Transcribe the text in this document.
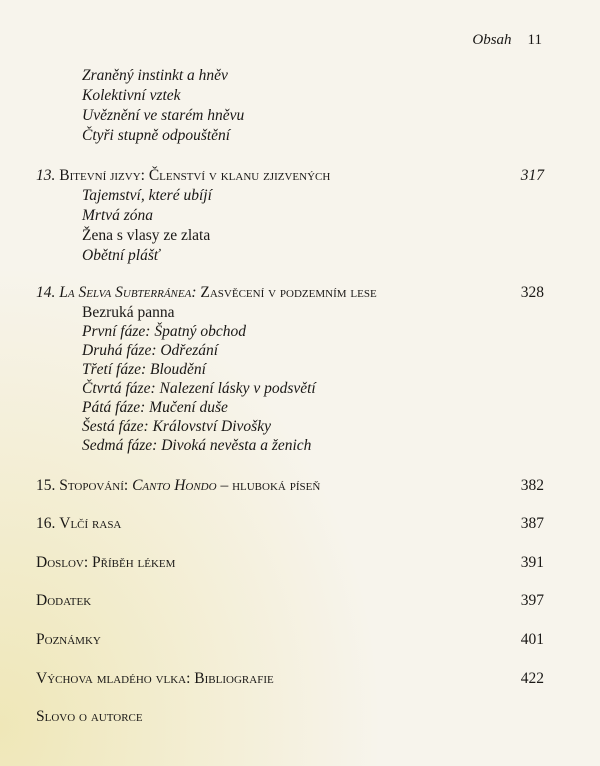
Obsah 11
Zraněný instinkt a hněv
Kolektivní vztek
Uvěznění ve starém hněvu
Čtyři stupně odpouštění
13. Bitevní jizvy: Členství v klanu zjizvených	317
Tajemství, které ubíjí
Mrtvá zóna
Žena s vlasy ze zlata
Obětní plášť
14. La Selva Subterránea: Zasvěcení v podzemním lese	328
Bezruká panna
První fáze: Špatný obchod
Druhá fáze: Odřezání
Třetí fáze: Bloudění
Čtvrtá fáze: Nalezení lásky v podsvětí
Pátá fáze: Mučení duše
Šestá fáze: Království Divošky
Sedmá fáze: Divoká nevěsta a ženich
15. Stopování: Canto Hondo – hluboká píseň	382
16. Vlčí rasa	387
Doslov: Příběh lékem	391
Dodatek	397
Poznámky	401
Výchova mladého vlka: Bibliografie	422
Slovo o autorce
